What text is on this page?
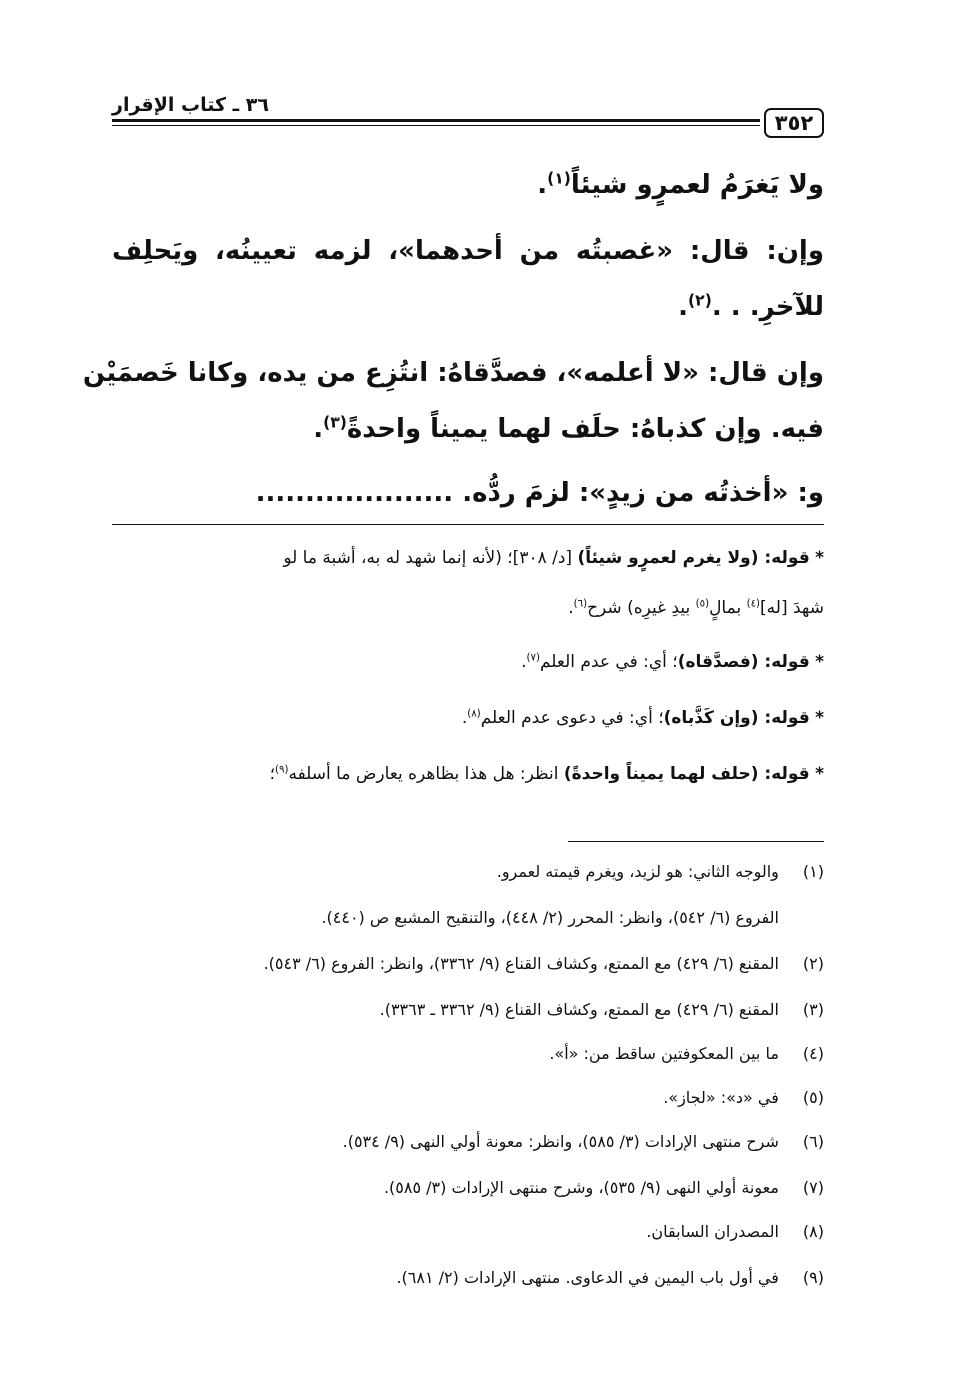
٣٦ ـ كتاب الإقرار
٣٥٢
ولا يَغرَمُ لعمرٍو شيئاً$^{(١)}$.
وإن: قال: «غصبتُه من أحدهما»، لزمه تعيينُه، ويَحلِف
للآخرِ. . .$^{(٢)}$.
وإن قال: «لا أعلمه»، فصدَّقاهُ: انتُزِع من يده، وكانا خَصمَيْن
فيه. وإن كذباهُ: حلَف لهما يميناً واحدةً$^{(٣)}$.
و: «أخذتُه من زيدٍ»: لزمَ ردُّه. ....................
* قوله: (ولا يغرم لعمرٍو شيئاً) [د/ ٣٠٨]؛ (لأنه إنما شهد له به، أشبهَ ما لو
شهدَ [له]$^{(٤)}$ بمالٍ$^{(٥)}$ بيدِ غيرِه) شرح$^{(٦)}$.
* قوله: (فصدَّقاه)؛ أي: في عدم العلم$^{(٧)}$.
* قوله: (وإن كَذَّباه)؛ أي: في دعوى عدم العلم$^{(٨)}$.
* قوله: (حلف لهما يميناً واحدةً) انظر: هل هذا بظاهره يعارض ما أسلفه$^{(٩)}$؛
(١) والوجه الثاني: هو لزيد، ويغرم قيمته لعمرو.
الفروع (٦/ ٥٤٢)، وانظر: المحرر (٢/ ٤٤٨)، والتنقيح المشبع ص (٤٤٠).
(٢) المقنع (٦/ ٤٢٩) مع الممتع، وكشاف القناع (٩/ ٣٣٦٢)، وانظر: الفروع (٦/ ٥٤٣).
(٣) المقنع (٦/ ٤٢٩) مع الممتع، وكشاف القناع (٩/ ٣٣٦٢ ـ ٣٣٦٣).
(٤) ما بين المعكوفتين ساقط من: «أ».
(٥) في «د»: «لجاز».
(٦) شرح منتهى الإرادات (٣/ ٥٨٥)، وانظر: معونة أولي النهى (٩/ ٥٣٤).
(٧) معونة أولي النهى (٩/ ٥٣٥)، وشرح منتهى الإرادات (٣/ ٥٨٥).
(٨) المصدران السابقان.
(٩) في أول باب اليمين في الدعاوى. منتهى الإرادات (٢/ ٦٨١).
